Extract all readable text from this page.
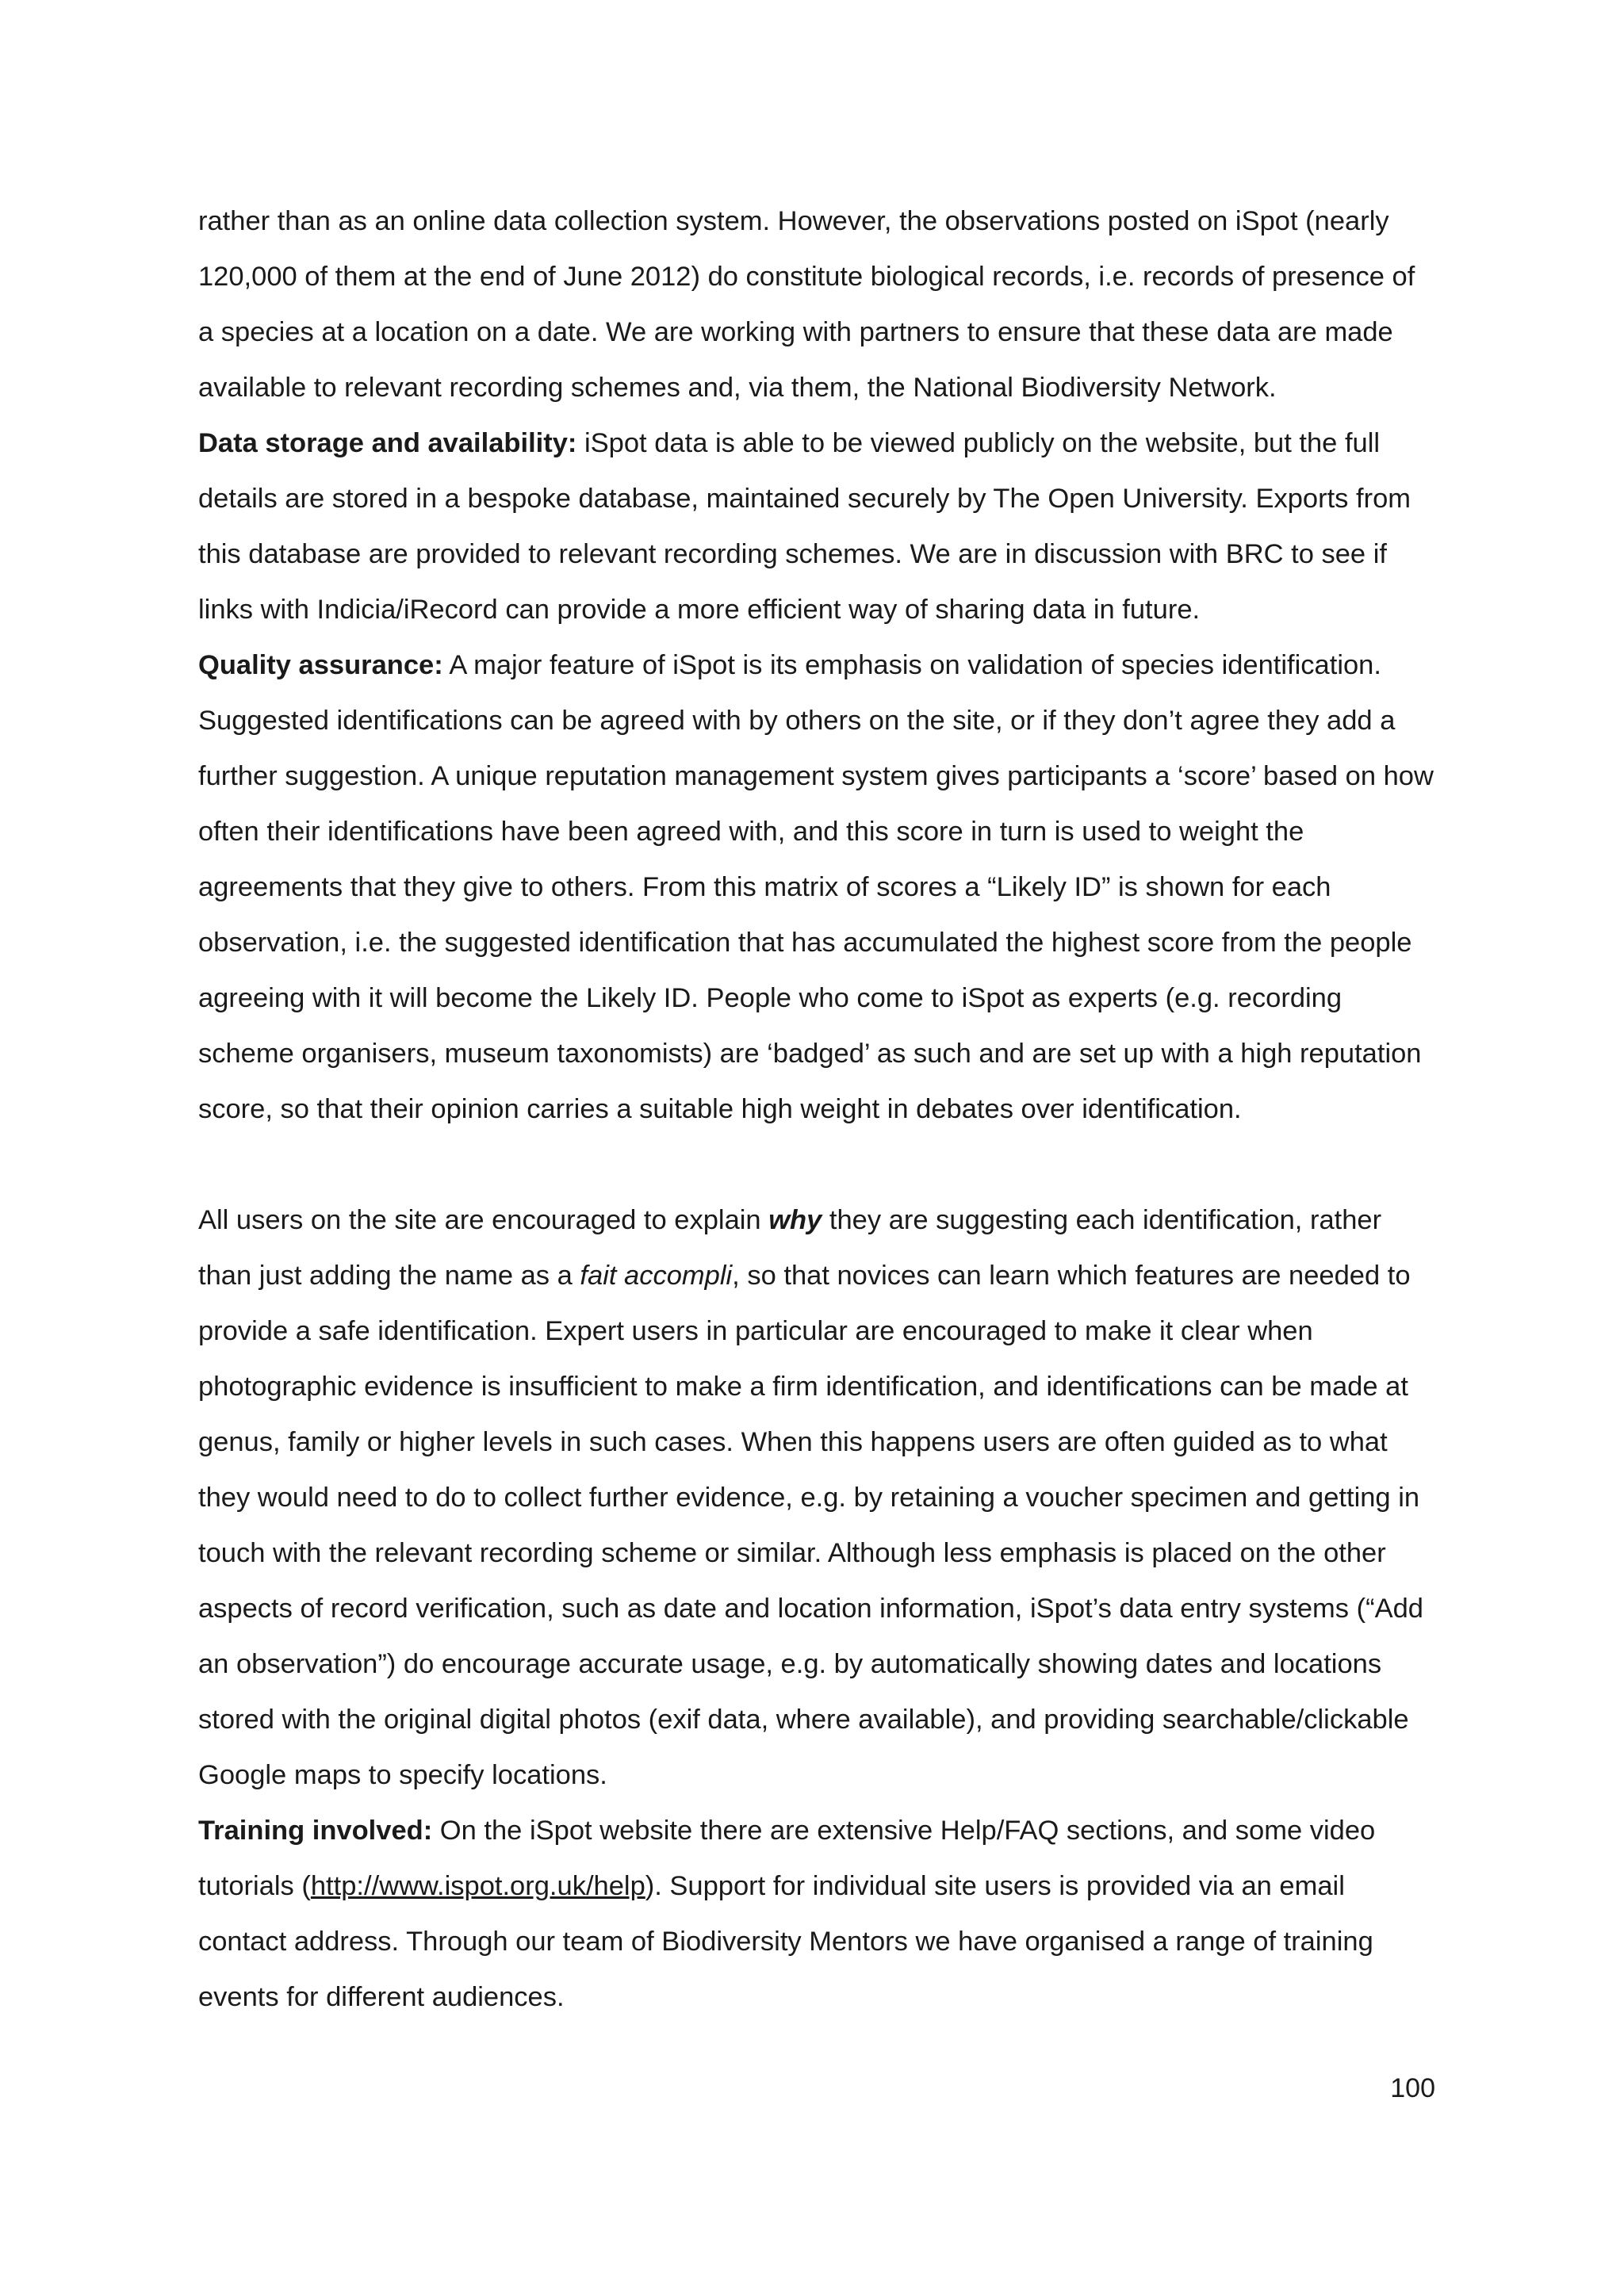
rather than as an online data collection system. However, the observations posted on iSpot (nearly 120,000 of them at the end of June 2012) do constitute biological records, i.e. records of presence of a species at a location on a date. We are working with partners to ensure that these data are made available to relevant recording schemes and, via them, the National Biodiversity Network.

Data storage and availability: iSpot data is able to be viewed publicly on the website, but the full details are stored in a bespoke database, maintained securely by The Open University. Exports from this database are provided to relevant recording schemes. We are in discussion with BRC to see if links with Indicia/iRecord can provide a more efficient way of sharing data in future.

Quality assurance: A major feature of iSpot is its emphasis on validation of species identification. Suggested identifications can be agreed with by others on the site, or if they don’t agree they add a further suggestion. A unique reputation management system gives participants a ‘score’ based on how often their identifications have been agreed with, and this score in turn is used to weight the agreements that they give to others. From this matrix of scores a “Likely ID” is shown for each observation, i.e. the suggested identification that has accumulated the highest score from the people agreeing with it will become the Likely ID. People who come to iSpot as experts (e.g. recording scheme organisers, museum taxonomists) are ‘badged’ as such and are set up with a high reputation score, so that their opinion carries a suitable high weight in debates over identification.

All users on the site are encouraged to explain why they are suggesting each identification, rather than just adding the name as a fait accompli, so that novices can learn which features are needed to provide a safe identification. Expert users in particular are encouraged to make it clear when photographic evidence is insufficient to make a firm identification, and identifications can be made at genus, family or higher levels in such cases. When this happens users are often guided as to what they would need to do to collect further evidence, e.g. by retaining a voucher specimen and getting in touch with the relevant recording scheme or similar. Although less emphasis is placed on the other aspects of record verification, such as date and location information, iSpot’s data entry systems (“Add an observation”) do encourage accurate usage, e.g. by automatically showing dates and locations stored with the original digital photos (exif data, where available), and providing searchable/clickable Google maps to specify locations.

Training involved: On the iSpot website there are extensive Help/FAQ sections, and some video tutorials (http://www.ispot.org.uk/help). Support for individual site users is provided via an email contact address. Through our team of Biodiversity Mentors we have organised a range of training events for different audiences.

100
